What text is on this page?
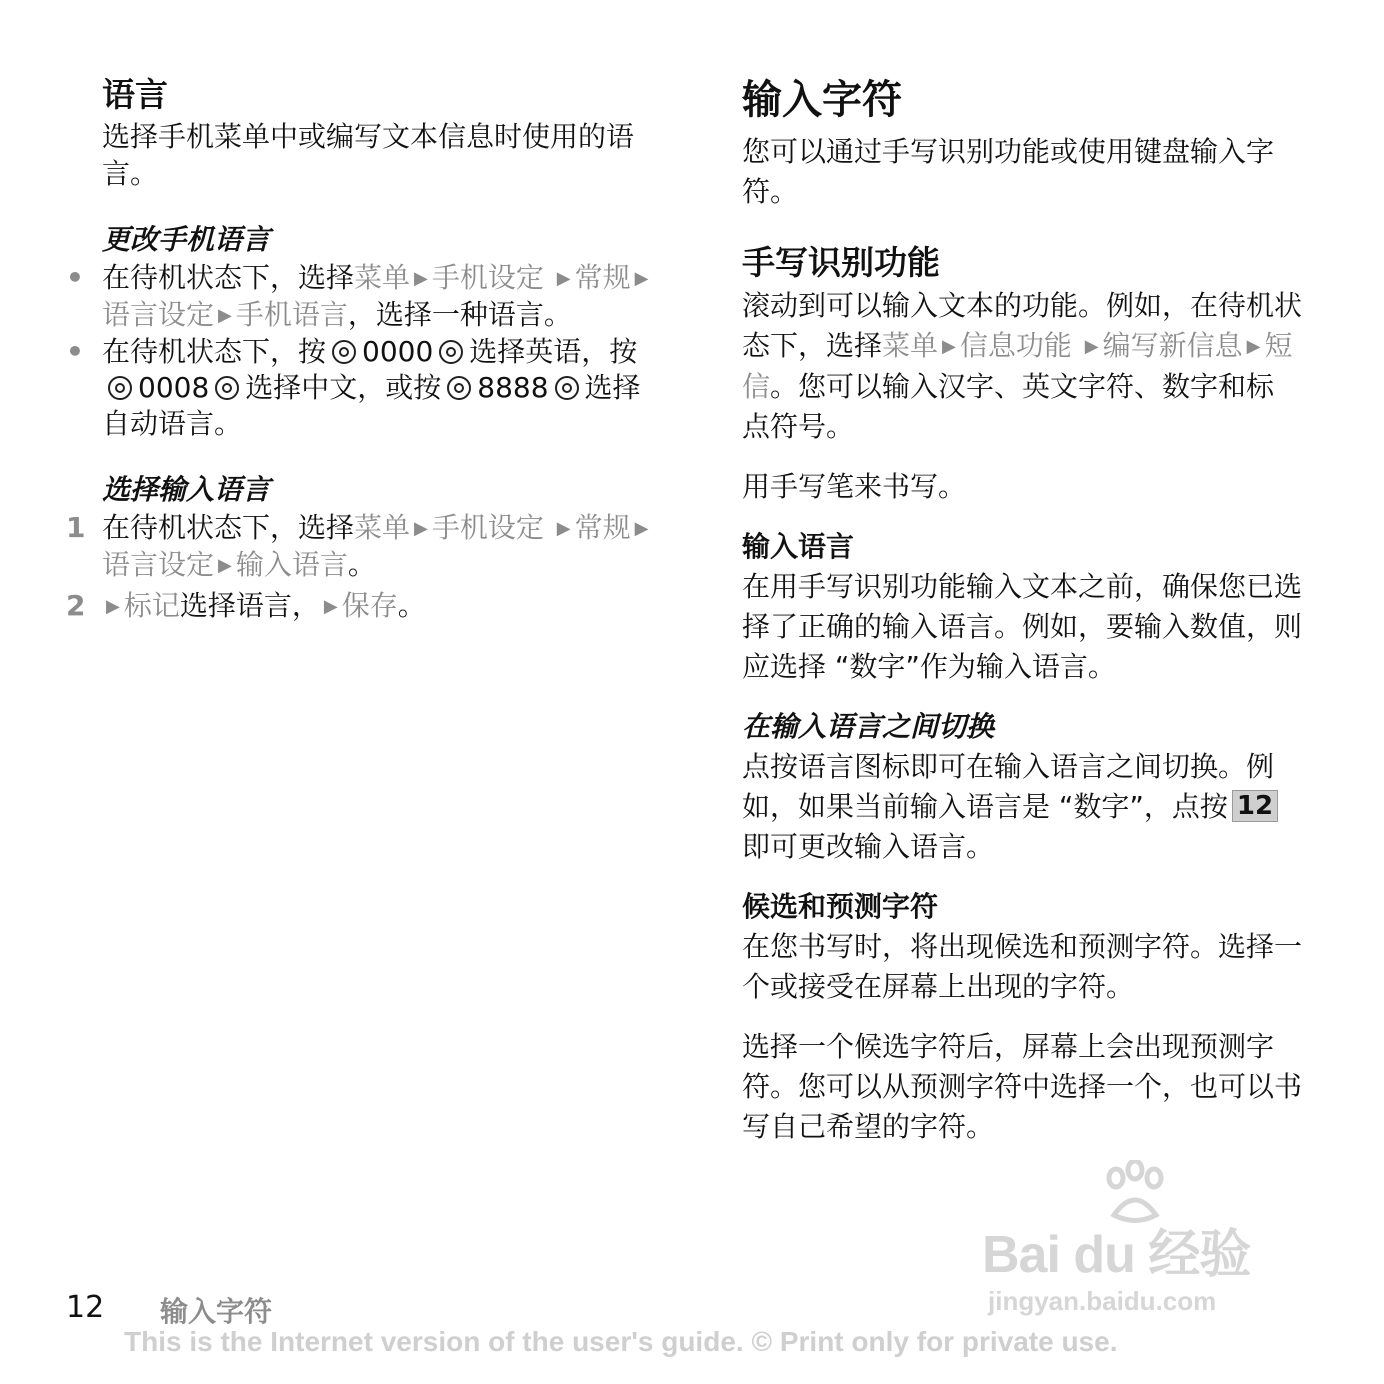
语言

选择手机菜单中或编写文本信息时使用的语言。

更改手机语言
• 在待机状态下，选择菜单 ▶ 手机设定 ▶ 常规 ▶语言设定 ▶ 手机语言，选择一种语言。
• 在待机状态下，按 0000 选择英语，按0008 选择中文，或按 8888 选择自动语言。
选择输入语言
1 在待机状态下，选择菜单 ▶ 手机设定 ▶ 常规 ▶语言设定 ▶ 输入语言。
2 ▶ 标记选择语言， ▶ 保存。
输入字符

您可以通过手写识别功能或使用键盘输入字符。

手写识别功能

滚动到可以输入文本的功能。例如，在待机状态下，选择菜单 ▶ 信息功能 ▶ 编写新信息 ▶ 短信。您可以输入汉字、英文字符、数字和标点符号。

用手写笔来书写。

输入语言

在用手写识别功能输入文本之前，确保您已选择了正确的输入语言。例如，要输入数值，则应选择 “数字”作为输入语言。

在输入语言之间切换

点按语言图标即可在输入语言之间切换。例如，如果当前输入语言是 “数字”，点按 12即可更改输入语言。

候选和预测字符

在您书写时，将出现候选和预测字符。选择一个或接受在屏幕上出现的字符。

选择一个候选字符后，屏幕上会出现预测字符。您可以从预测字符中选择一个，也可以书写自己希望的字符。

Bai du 经验
jingyan.baidu.com
12 输入字符
This is the Internet version of the user's guide. © Print only for private use.
